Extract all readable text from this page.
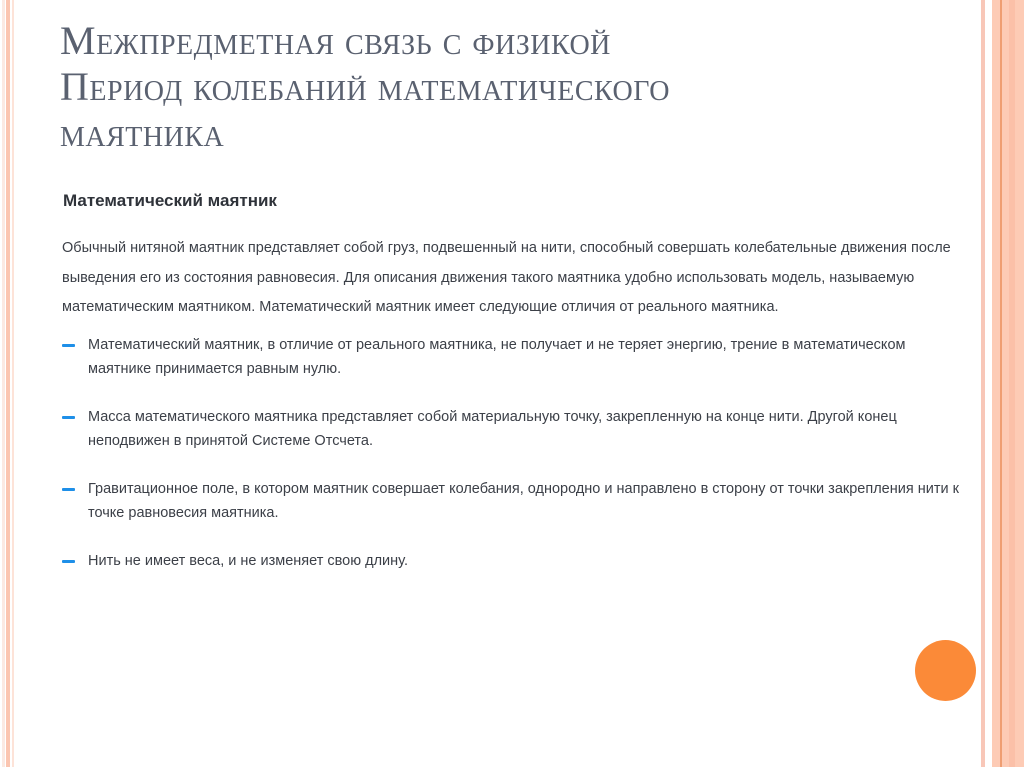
Межпредметная связь с физикой
Период колебаний математического
маятника
Математический маятник

Обычный нитяной маятник представляет собой груз, подвешенный на нити, способный совершать колебательные движения после выведения его из состояния равновесия. Для описания движения такого маятника удобно использовать модель, называемую математическим маятником. Математический маятник имеет следующие отличия от реального маятника.

Математический маятник, в отличие от реального маятника, не получает и не теряет энергию, трение в математическом маятнике принимается равным нулю.
Масса математического маятника представляет собой материальную точку, закрепленную на конце нити. Другой конец неподвижен в принятой Системе Отсчета.
Гравитационное поле, в котором маятник совершает колебания, однородно и направлено в сторону от точки закрепления нити к точке равновесия маятника.
Нить не имеет веса, и не изменяет свою длину.
